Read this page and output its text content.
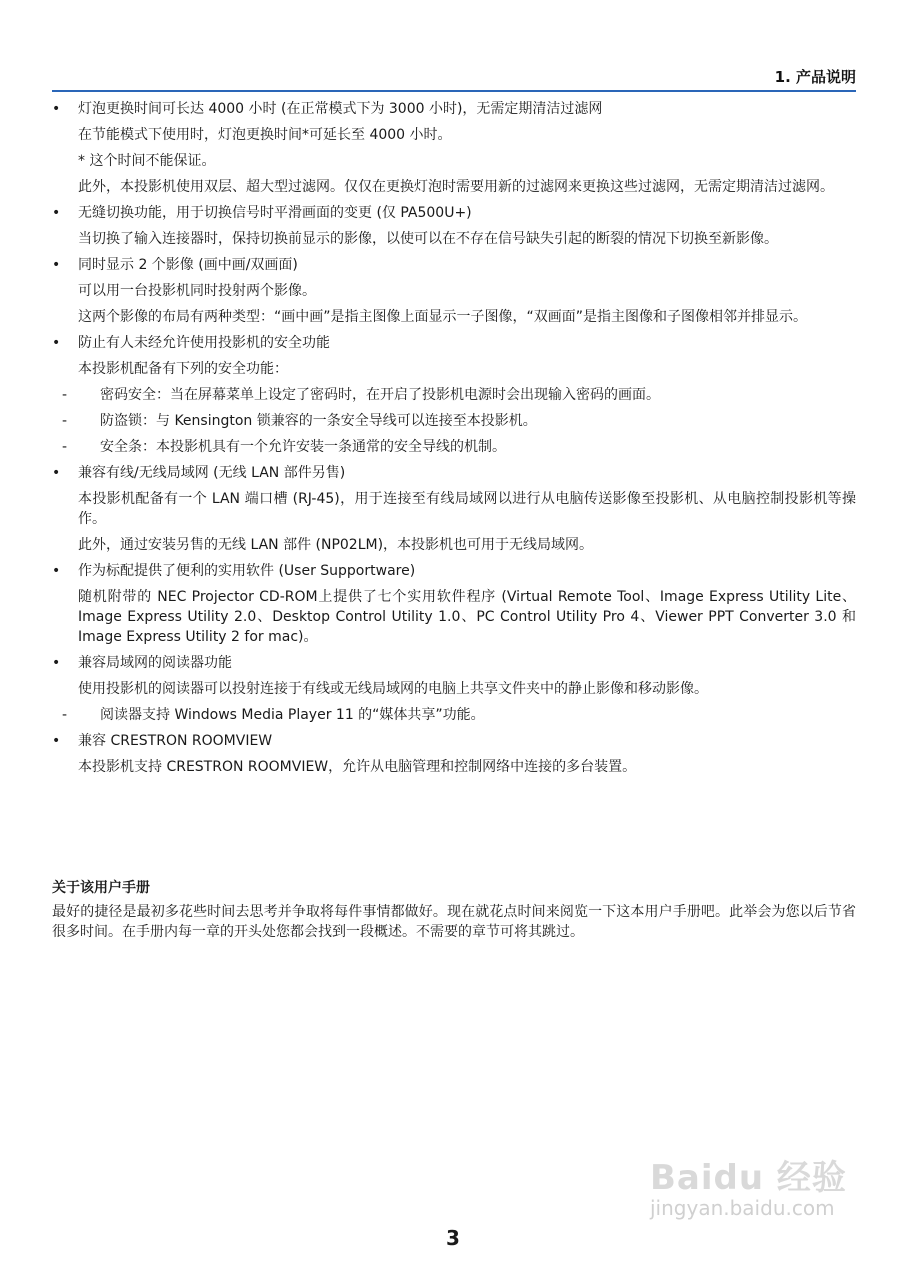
1. 产品说明
•	灯泡更换时间可长达 4000 小时 (在正常模式下为 3000 小时)，无需定期清洁过滤网
在节能模式下使用时，灯泡更换时间*可延长至 4000 小时。
* 这个时间不能保证。
此外，本投影机使用双层、超大型过滤网。仅仅在更换灯泡时需要用新的过滤网来更换这些过滤网，无需定期清洁过滤网。
•	无缝切换功能，用于切换信号时平滑画面的变更 (仅 PA500U+)
当切换了输入连接器时，保持切换前显示的影像，以使可以在不存在信号缺失引起的断裂的情况下切换至新影像。
•	同时显示 2 个影像 (画中画/双画面)
可以用一台投影机同时投射两个影像。
这两个影像的布局有两种类型：“画中画”是指主图像上面显示一子图像，“双画面”是指主图像和子图像相邻并排显示。
•	防止有人未经允许使用投影机的安全功能
本投影机配备有下列的安全功能：
- 密码安全：当在屏幕菜单上设定了密码时，在开启了投影机电源时会出现输入密码的画面。
- 防盗锁：与 Kensington 锁兼容的一条安全导线可以连接至本投影机。
- 安全条：本投影机具有一个允许安装一条通常的安全导线的机制。
•	兼容有线/无线局域网 (无线 LAN 部件另售)
本投影机配备有一个 LAN 端口槽 (RJ-45)，用于连接至有线局域网以进行从电脑传送影像至投影机、从电脑控制投影机等操作。
此外，通过安装另售的无线 LAN 部件 (NP02LM)，本投影机也可用于无线局域网。
•	作为标配提供了便利的实用软件 (User Supportware)
随机附带的 NEC Projector CD-ROM上提供了七个实用软件程序 (Virtual Remote Tool、Image Express Utility Lite、Image Express Utility 2.0、Desktop Control Utility 1.0、PC Control Utility Pro 4、Viewer PPT Converter 3.0 和 Image Express Utility 2 for mac)。
•	兼容局域网的阅读器功能
使用投影机的阅读器可以投射连接于有线或无线局域网的电脑上共享文件夹中的静止影像和移动影像。
- 阅读器支持 Windows Media Player 11 的“媒体共享”功能。
•	兼容 CRESTRON ROOMVIEW
本投影机支持 CRESTRON ROOMVIEW，允许从电脑管理和控制网络中连接的多台装置。
关于该用户手册
最好的捷径是最初多花些时间去思考并争取将每件事情都做好。现在就花点时间来阅览一下这本用户手册吧。此举会为您以后节省很多时间。在手册内每一章的开头处您都会找到一段概述。不需要的章节可将其跳过。
Baidu 经验
jingyan.baidu.com
3
